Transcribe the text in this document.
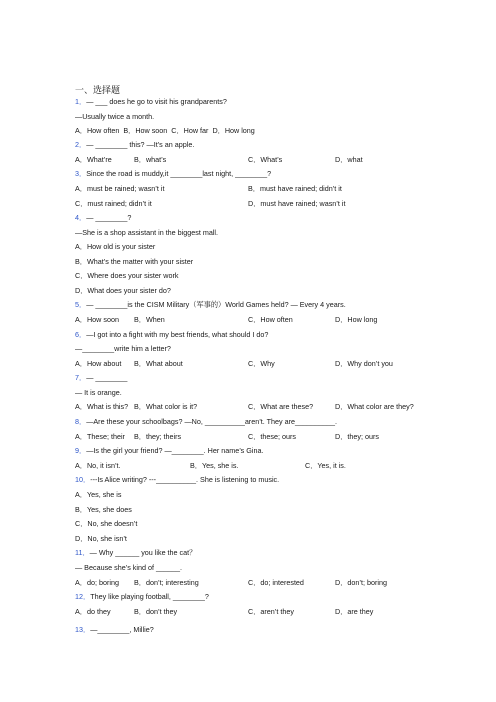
一、选择题
1．— ___ does he go to visit his grandparents?
—Usually twice a month.
A．How often B．How soon C．How far D．How long
2．— ________ this? —It’s an apple.
A．What’re	B．what’s	C．What’s	D．what
3．Since the road is muddy,it ________last night, ________?
A．must be rained; wasn’t it	B．must have rained; didn’t it
C．must rained; didn’t it	D．must have rained; wasn’t it
4．— ________?
—She is a shop assistant in the biggest mall.
A．How old is your sister
B．What’s the matter with your sister
C．Where does your sister work
D．What does your sister do?
5．— ________is the CISM Military（军事的）World Games held? — Every 4 years.
A．How soon B．When	C．How often	D．How long
6．—I got into a fight with my best friends, what should I do?
—________write him a letter?
A．How about B．What about	C．Why	D．Why don’t you
7．— ________
— It is orange.
A．What is this? B．What color is it?	C．What are these?	D．What color are they?
8．—Are these your schoolbags? —No, __________aren’t. They are__________.
A．These; their B．they; theirs	C．these; ours	D．they; ours
9．—Is the girl your friend? —________. Her name’s Gina.
A．No, it isn’t.	B．Yes, she is.	C．Yes, it is.
10．---Is Alice writing? ---__________. She is listening to music.
A．Yes, she is
B．Yes, she does
C．No, she doesn’t
D．No, she isn’t
11．— Why ______ you like the cat？
— Because she’s kind of ______.
A．do; boring B．don’t; interesting	C．do; interested	D．don’t; boring
12．They like playing football, ________?
A．do they	B．don’t they	C．aren’t they	D．are they
13．—________, Millie?
